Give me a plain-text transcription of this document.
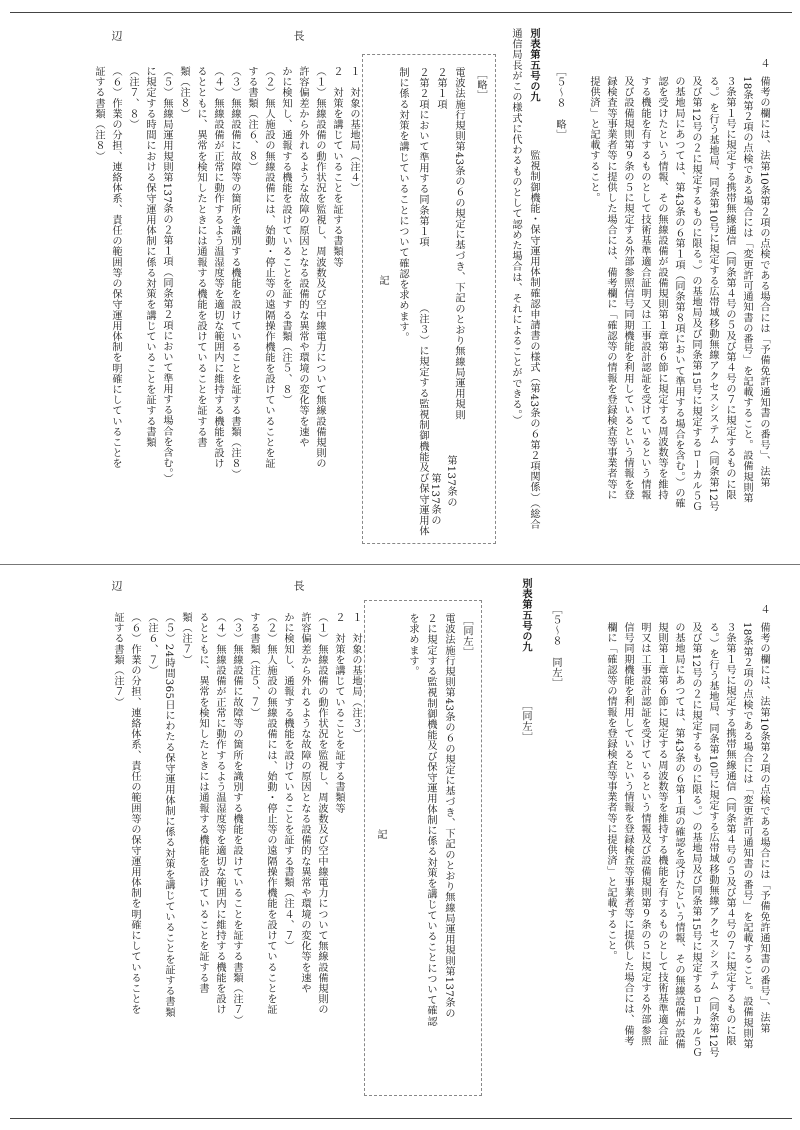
４
備考の欄には、法第10条第２項の点検である場合には「予備免許通知書の番号」、法第
18条第２項の点検である場合には「変更許可通知書の番号」を記載すること。設備規則第
３条第１号に規定する携帯無線通信（同条第４号の５及び第４号の７に規定するものに限
る。）を行う基地局、同条第10号に規定する広帯域移動無線アクセスシステム（同条第12号
及び第12号の２に規定するものに限る。）の基地局及び同条第15号に規定するローカル５Ｇ
の基地局にあつては、第43条の６第１項（同条第８項において準用する場合を含む。）の確
認を受けたという情報、その無線設備が設備規則第１章第６節に規定する周波数等を維持
する機能を有するものとして技術基準適合証明又は工事設計認証を受けているという情報
及び設備規則第９条の５に規定する外部参照信号同期機能を利用しているという情報を登
録検査等事業者等に提供した場合には、備考欄に「確認等の情報を登録検査等事業者等に
提供済」と記載すること。
［５～８　略］
別表第五号の九
監視制御機能・保守運用体制確認申請書の様式（第43条の６第２項関係）（総合
通信局長がこの様式に代わるものとして認めた場合は、それによることができる。）
［略］
電波法施行規則第43条の６の規定に基づき、下記のとおり無線局運用規則
２第１項
２第２項において準用する同条第１項
（注３）に規定する監視制御機能及び保守運用体
制に係る対策を講じていることについて確認を求めます。
第137条の
第137条の
記
１　対象の基地局（注４）
２　対策を講じていることを証する書類等
（１）無線設備の動作状況を監視し、周波数及び空中線電力について無線設備規則の
許容偏差から外れるような故障の原因となる設備的な異常や環境の変化等を速や
かに検知し、通報する機能を設けていることを証する書類（注５、８）
（２）無人施設の無線設備には、始動・停止等の遠隔操作機能を設けていることを証
する書類（注６、８）
（３）無線設備に故障等の箇所を識別する機能を設けていることを証する書類（注８）
（４）無線設備が正常に動作するよう温湿度等を適切な範囲内に維持する機能を設け
るとともに、異常を検知したときには通報する機能を設けていることを証する書
類（注８）
（５）無線局運用規則第137条の２第１項（同条第２項において準用する場合を含む。）
に規定する時間における保守運用体制に係る対策を講じていることを証する書類
（注７、８）
（６）作業の分担、連絡体系、責任の範囲等の保守運用体制を明確にしていることを
証する書類（注８）
辺	長
４
備考の欄には、法第10条第２項の点検である場合には「予備免許通知書の番号」、法第
18条第２項の点検である場合には「変更許可通知書の番号」を記載すること。設備規則第
３条第１号に規定する携帯無線通信（同条第４号の５及び第４号の７に規定するものに限
る。）を行う基地局、同条第10号に規定する広帯域移動無線アクセスシステム（同条第12号
及び第12号の２に規定するものに限る。）の基地局及び同条第15号に規定するローカル５Ｇ
の基地局にあつては、第43条の６第１項の確認を受けたという情報、その無線設備が設備
規則第１章第６節に規定する周波数等を維持する機能を有するものとして技術基準適合証
明又は工事設計認証を受けているという情報及び設備規則第９条の５に規定する外部参照
信号同期機能を利用しているという情報を登録検査等事業者等に提供した場合には、備考
欄に「確認等の情報を登録検査等事業者等に提供済」と記載すること。
［５～８　同左］
別表第五号の九
［同左］
［同左］
電波法施行規則第43条の６の規定に基づき、下記のとおり無線局運用規則第137条の
２に規定する監視制御機能及び保守運用体制に係る対策を講じていることについて確認
を求めます。
記
１　対象の基地局（注３）
２　対策を講じていることを証する書類等
（１）無線設備の動作状況を監視し、周波数及び空中線電力について無線設備規則の
許容偏差から外れるような故障の原因となる設備的な異常や環境の変化等を速や
かに検知し、通報する機能を設けていることを証する書類（注４、７）
（２）無人施設の無線設備には、始動・停止等の遠隔操作機能を設けていることを証
する書類（注５、７）
（３）無線設備に故障等の箇所を識別する機能を設けていることを証する書類（注７）
（４）無線設備が正常に動作するよう温湿度等を適切な範囲内に維持する機能を設け
るとともに、異常を検知したときには通報する機能を設けていることを証する書
類（注７）
（５）24時間365日にわたる保守運用体制に係る対策を講じていることを証する書類
（注６、７）
（６）作業の分担、連絡体系、責任の範囲等の保守運用体制を明確にしていることを
証する書類（注７）
辺	長
